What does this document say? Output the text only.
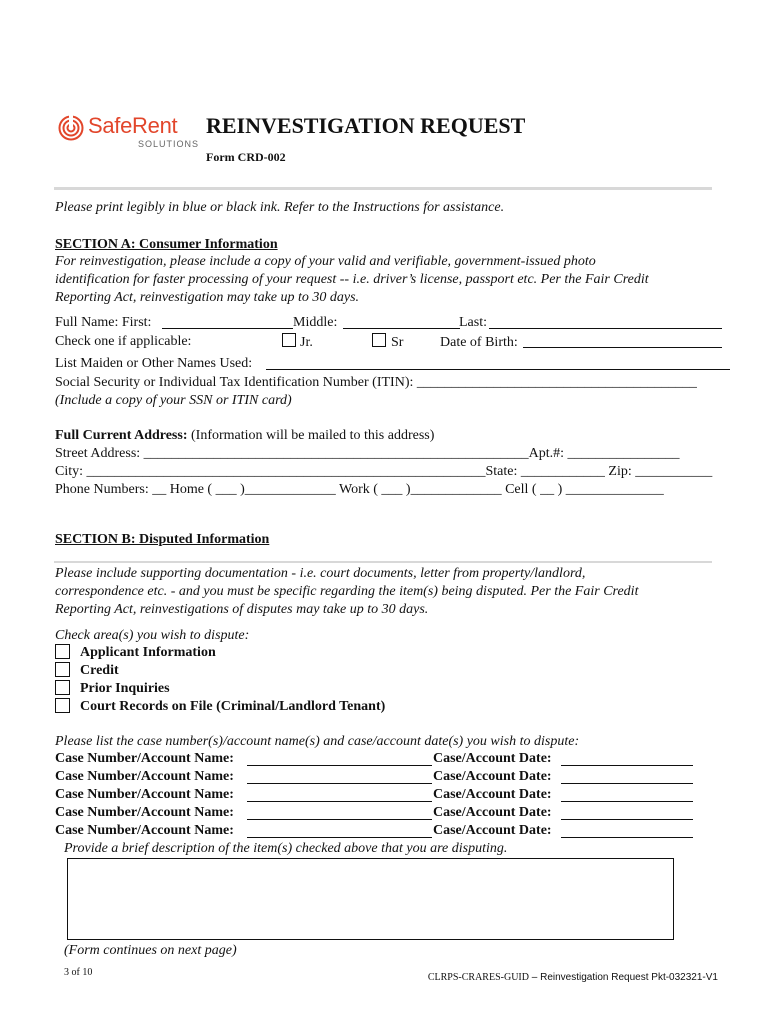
SafeRent
SOLUTIONS
REINVESTIGATION REQUEST
Form CRD-002
Please print legibly in blue or black ink. Refer to the Instructions for assistance.
SECTION A: Consumer Information
For reinvestigation, please include a copy of your valid and verifiable, government-issued photo
identification for faster processing of your request -- i.e. driver’s license, passport etc. Per the Fair Credit
Reporting Act, reinvestigation may take up to 30 days.
Full Name: First:	Middle:	Last:
Check one if applicable:	Jr.	Sr	Date of Birth:
List Maiden or Other Names Used:
Social Security or Individual Tax Identification Number (ITIN): ________________________________________
(Include a copy of your SSN or ITIN card)
Full Current Address: (Information will be mailed to this address)
Street Address: _______________________________________________________Apt.#: ________________
City: _________________________________________________________State: ____________ Zip: ___________
Phone Numbers: __ Home ( ___ )_____________ Work ( ___ )_____________ Cell ( __ ) ______________
SECTION B: Disputed Information
Please include supporting documentation - i.e. court documents, letter from property/landlord,
correspondence etc. - and you must be specific regarding the item(s) being disputed. Per the Fair Credit
Reporting Act, reinvestigations of disputes may take up to 30 days.
Check area(s) you wish to dispute:
Applicant Information
Credit
Prior Inquiries
Court Records on File (Criminal/Landlord Tenant)
Please list the case number(s)/account name(s) and case/account date(s) you wish to dispute:
Case Number/Account Name:	Case/Account Date:
Case Number/Account Name:	Case/Account Date:
Case Number/Account Name:	Case/Account Date:
Case Number/Account Name:	Case/Account Date:
Case Number/Account Name:	Case/Account Date:
Provide a brief description of the item(s) checked above that you are disputing.
(Form continues on next page)
3 of 10	CLRPS-CRARES-GUID – Reinvestigation Request Pkt-032321-V1
